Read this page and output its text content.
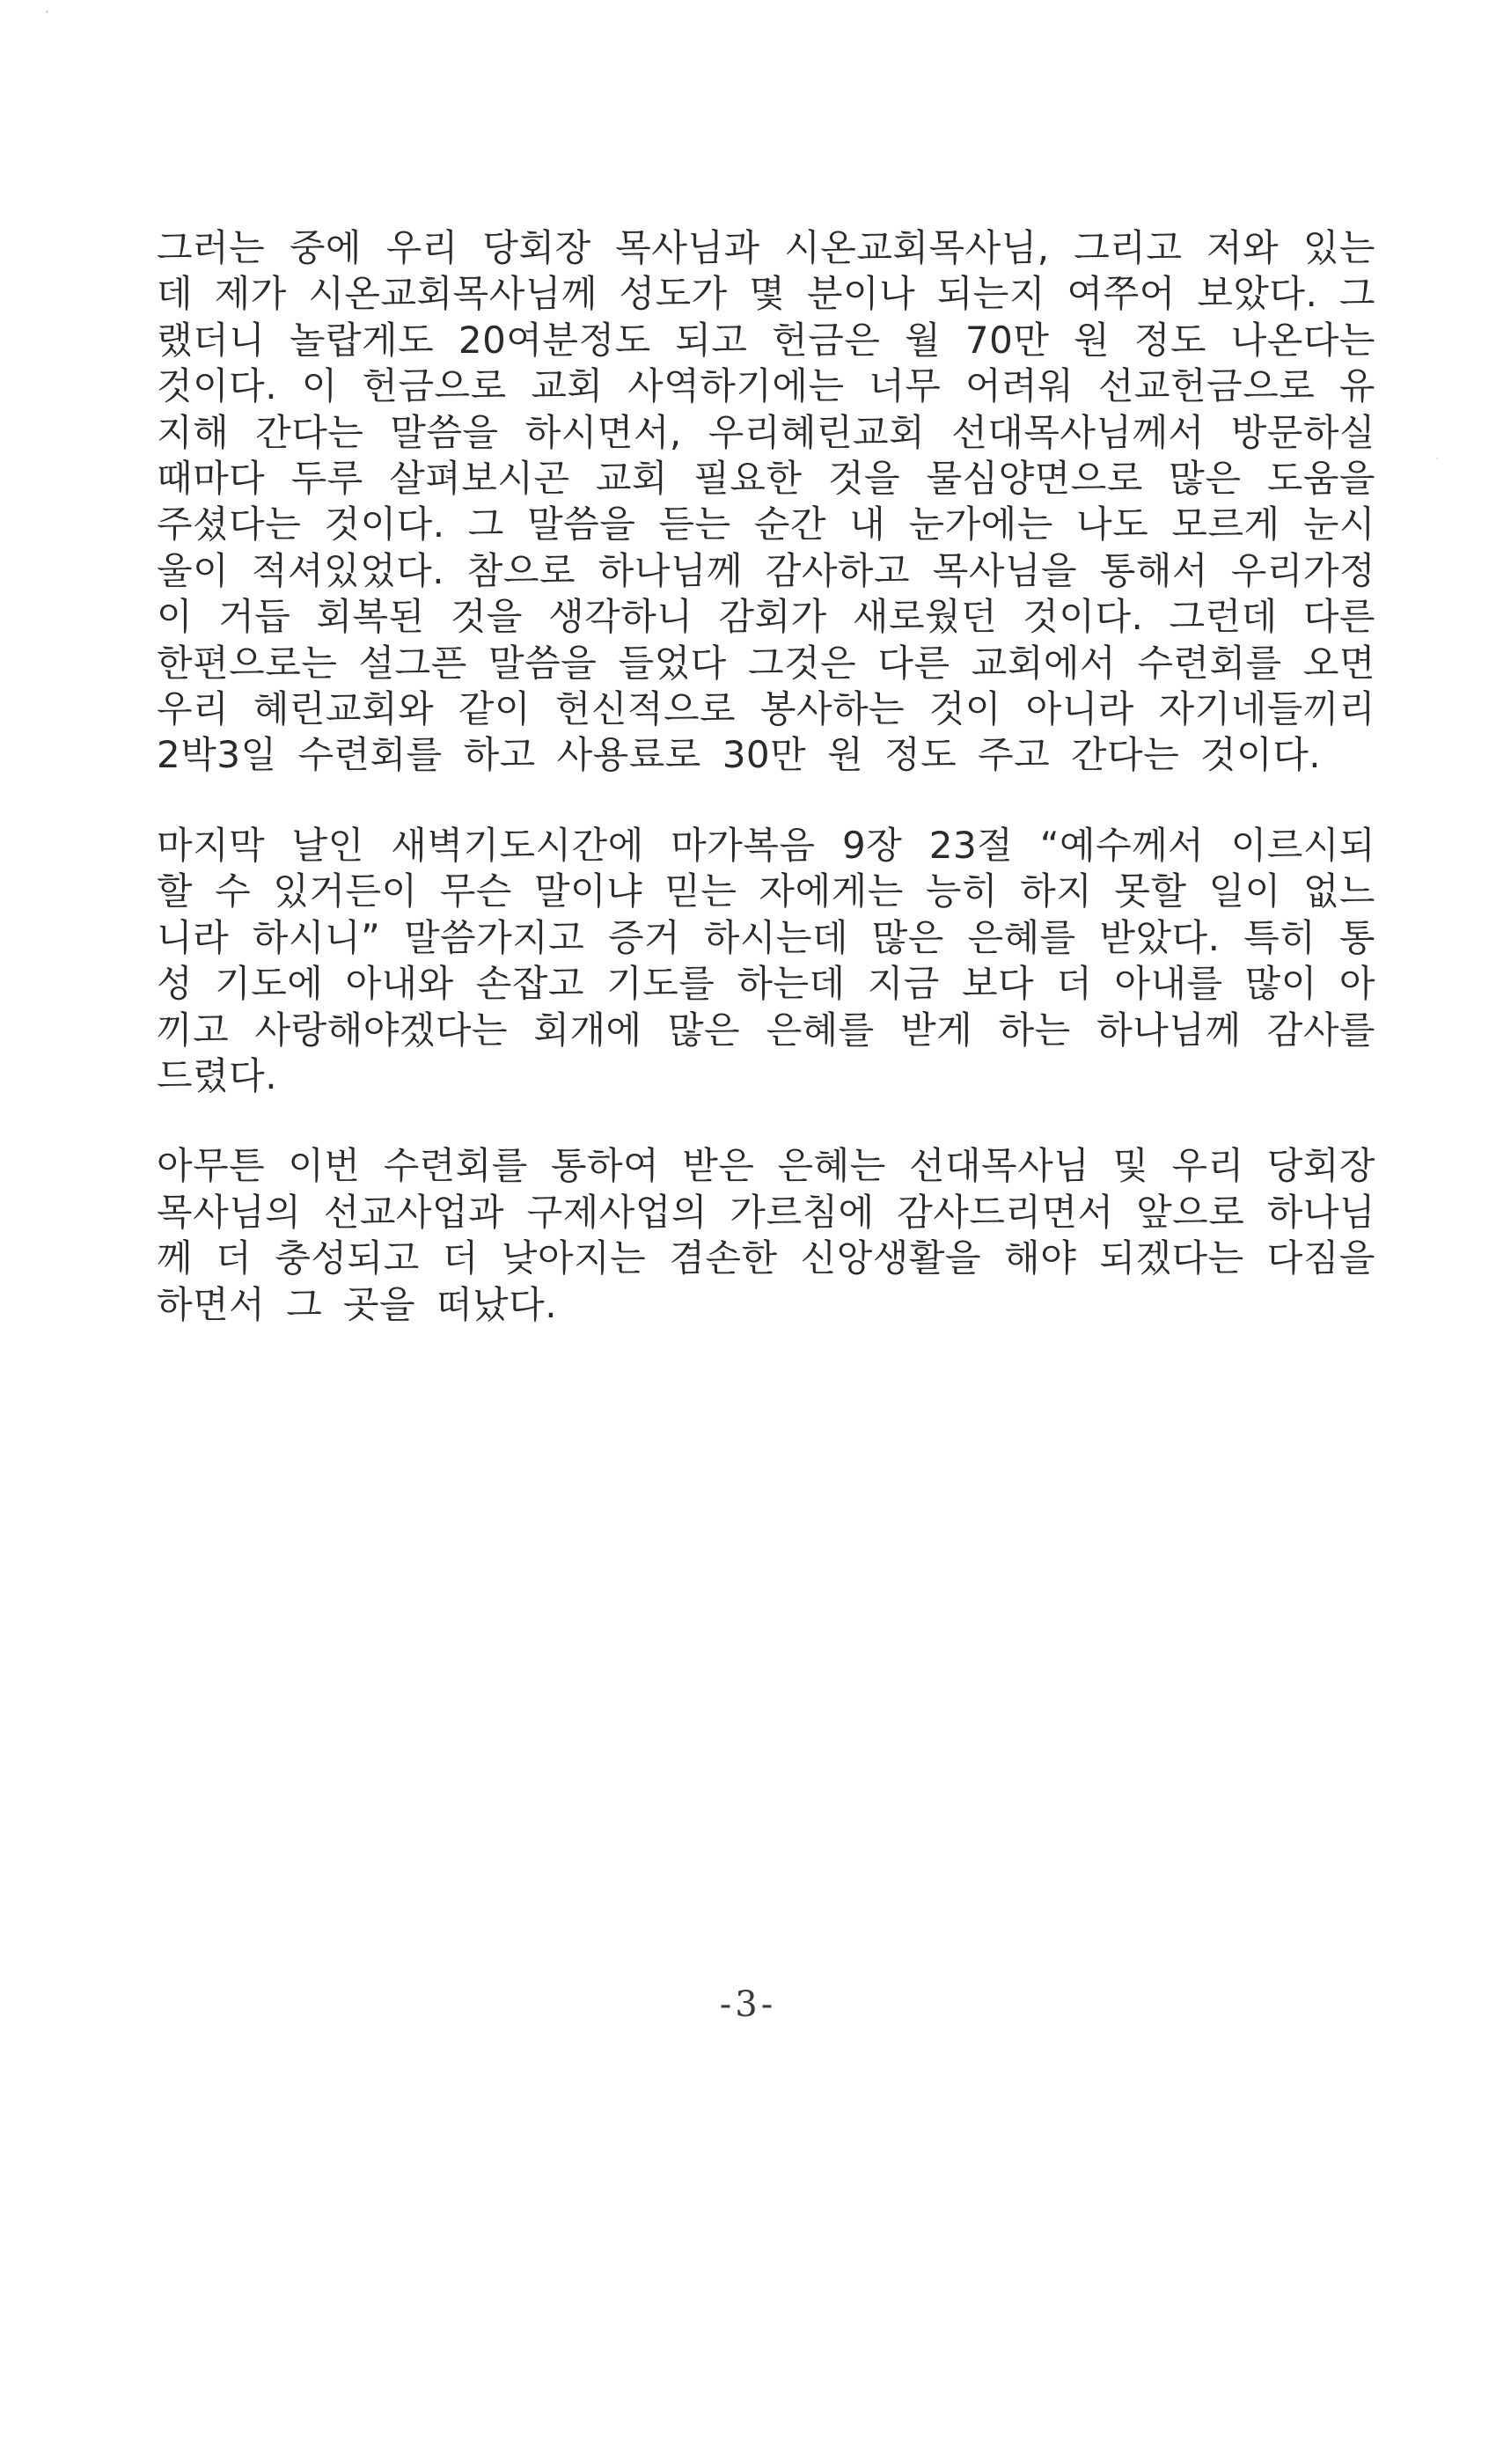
그러는 중에 우리 당회장 목사님과 시온교회목사님, 그리고 저와 있는데 제가 시온교회목사님께 성도가 몇 분이나 되는지 여쭈어 보았다. 그랬더니 놀랍게도 20여분정도 되고 헌금은 월 70만 원 정도 나온다는 것이다. 이 헌금으로 교회 사역하기에는 너무 어려워 선교헌금으로 유지해 간다는 말씀을 하시면서, 우리혜린교회 선대목사님께서 방문하실 때마다 두루 살펴보시곤 교회 필요한 것을 물심양면으로 많은 도움을 주셨다는 것이다. 그 말씀을 듣는 순간 내 눈가에는 나도 모르게 눈시울이 적셔있었다. 참으로 하나님께 감사하고 목사님을 통해서 우리가정이 거듭 회복된 것을 생각하니 감회가 새로웠던 것이다. 그런데 다른 한편으로는 설그픈 말씀을 들었다 그것은 다른 교회에서 수련회를 오면 우리 혜린교회와 같이 헌신적으로 봉사하는 것이 아니라 자기네들끼리 2박3일 수련회를 하고 사용료로 30만 원 정도 주고 간다는 것이다.

마지막 날인 새벽기도시간에 마가복음 9장 23절 “예수께서 이르시되 할 수 있거든이 무슨 말이냐 믿는 자에게는 능히 하지 못할 일이 없느니라 하시니” 말씀가지고 증거 하시는데 많은 은혜를 받았다. 특히 통성 기도에 아내와 손잡고 기도를 하는데 지금 보다 더 아내를 많이 아끼고 사랑해야겠다는 회개에 많은 은혜를 받게 하는 하나님께 감사를 드렸다.

아무튼 이번 수련회를 통하여 받은 은혜는 선대목사님 및 우리 당회장 목사님의 선교사업과 구제사업의 가르침에 감사드리면서 앞으로 하나님께 더 충성되고 더 낮아지는 겸손한 신앙생활을 해야 되겠다는 다짐을 하면서 그 곳을 떠났다.

-3-
